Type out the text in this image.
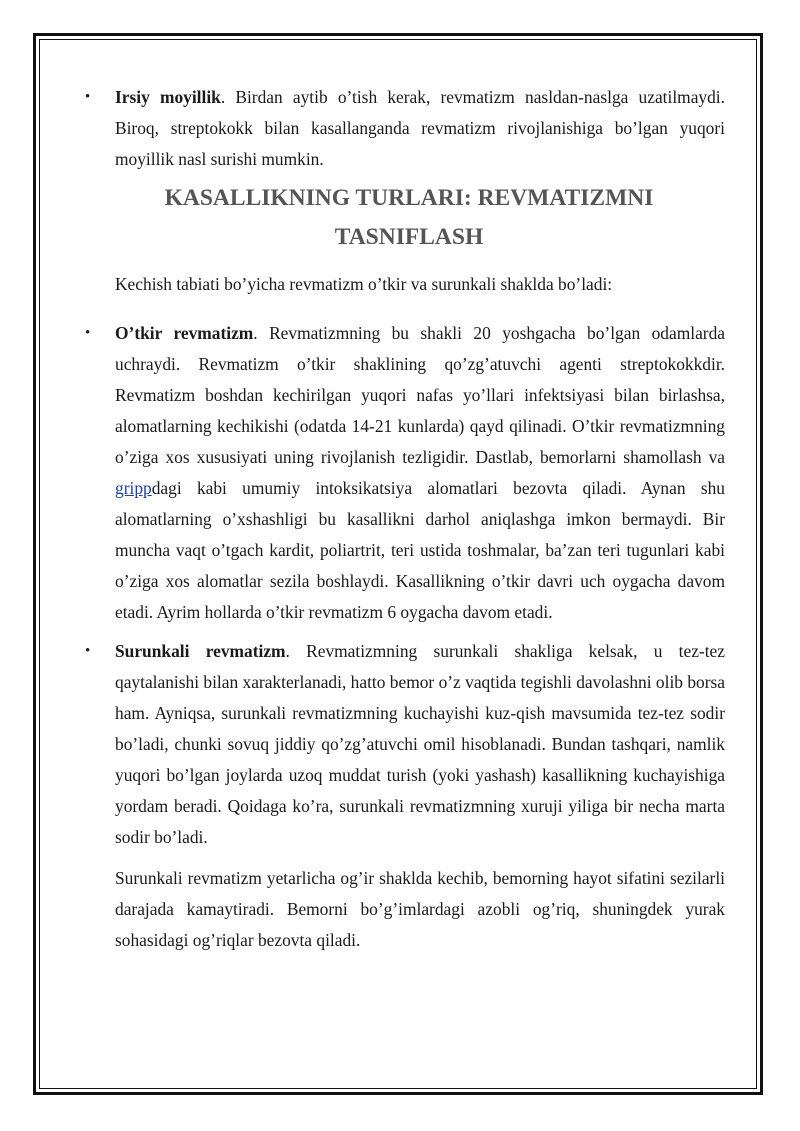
• Irsiy moyillik. Birdan aytib o’tish kerak, revmatizm nasldan-naslga uzatilmaydi. Biroq, streptokokk bilan kasallanganda revmatizm rivojlanishiga bo’lgan yuqori moyillik nasl surishi mumkin.

KASALLIKNING TURLARI: REVMATIZMNI TASNIFLASH

Kechish tabiati bo’yicha revmatizm o’tkir va surunkali shaklda bo’ladi:

• O’tkir revmatizm. Revmatizmning bu shakli 20 yoshgacha bo’lgan odamlarda uchraydi. Revmatizm o’tkir shaklining qo’zg’atuvchi agenti streptokokkdir. Revmatizm boshdan kechirilgan yuqori nafas yo’llari infektsiyasi bilan birlashsa, alomatlarning kechikishi (odatda 14-21 kunlarda) qayd qilinadi. O’tkir revmatizmning o’ziga xos xususiyati uning rivojlanish tezligidir. Dastlab, bemorlarni shamollash va grippdagi kabi umumiy intoksikatsiya alomatlari bezovta qiladi. Aynan shu alomatlarning o’xshashligi bu kasallikni darhol aniqlashga imkon bermaydi. Bir muncha vaqt o’tgach kardit, poliartrit, teri ustida toshmalar, ba’zan teri tugunlari kabi o’ziga xos alomatlar sezila boshlaydi. Kasallikning o’tkir davri uch oygacha davom etadi. Ayrim hollarda o’tkir revmatizm 6 oygacha davom etadi.

• Surunkali revmatizm. Revmatizmning surunkali shakliga kelsak, u tez-tez qaytalanishi bilan xarakterlanadi, hatto bemor o’z vaqtida tegishli davolashni olib borsa ham. Ayniqsa, surunkali revmatizmning kuchayishi kuz-qish mavsumida tez-tez sodir bo’ladi, chunki sovuq jiddiy qo’zg’atuvchi omil hisoblanadi. Bundan tashqari, namlik yuqori bo’lgan joylarda uzoq muddat turish (yoki yashash) kasallikning kuchayishiga yordam beradi. Qoidaga ko’ra, surunkali revmatizmning xuruji yiliga bir necha marta sodir bo’ladi.

Surunkali revmatizm yetarlicha og’ir shaklda kechib, bemorning hayot sifatini sezilarli darajada kamaytiradi. Bemorni bo’g’imlardagi azobli og’riq, shuningdek yurak sohasidagi og’riqlar bezovta qiladi.
